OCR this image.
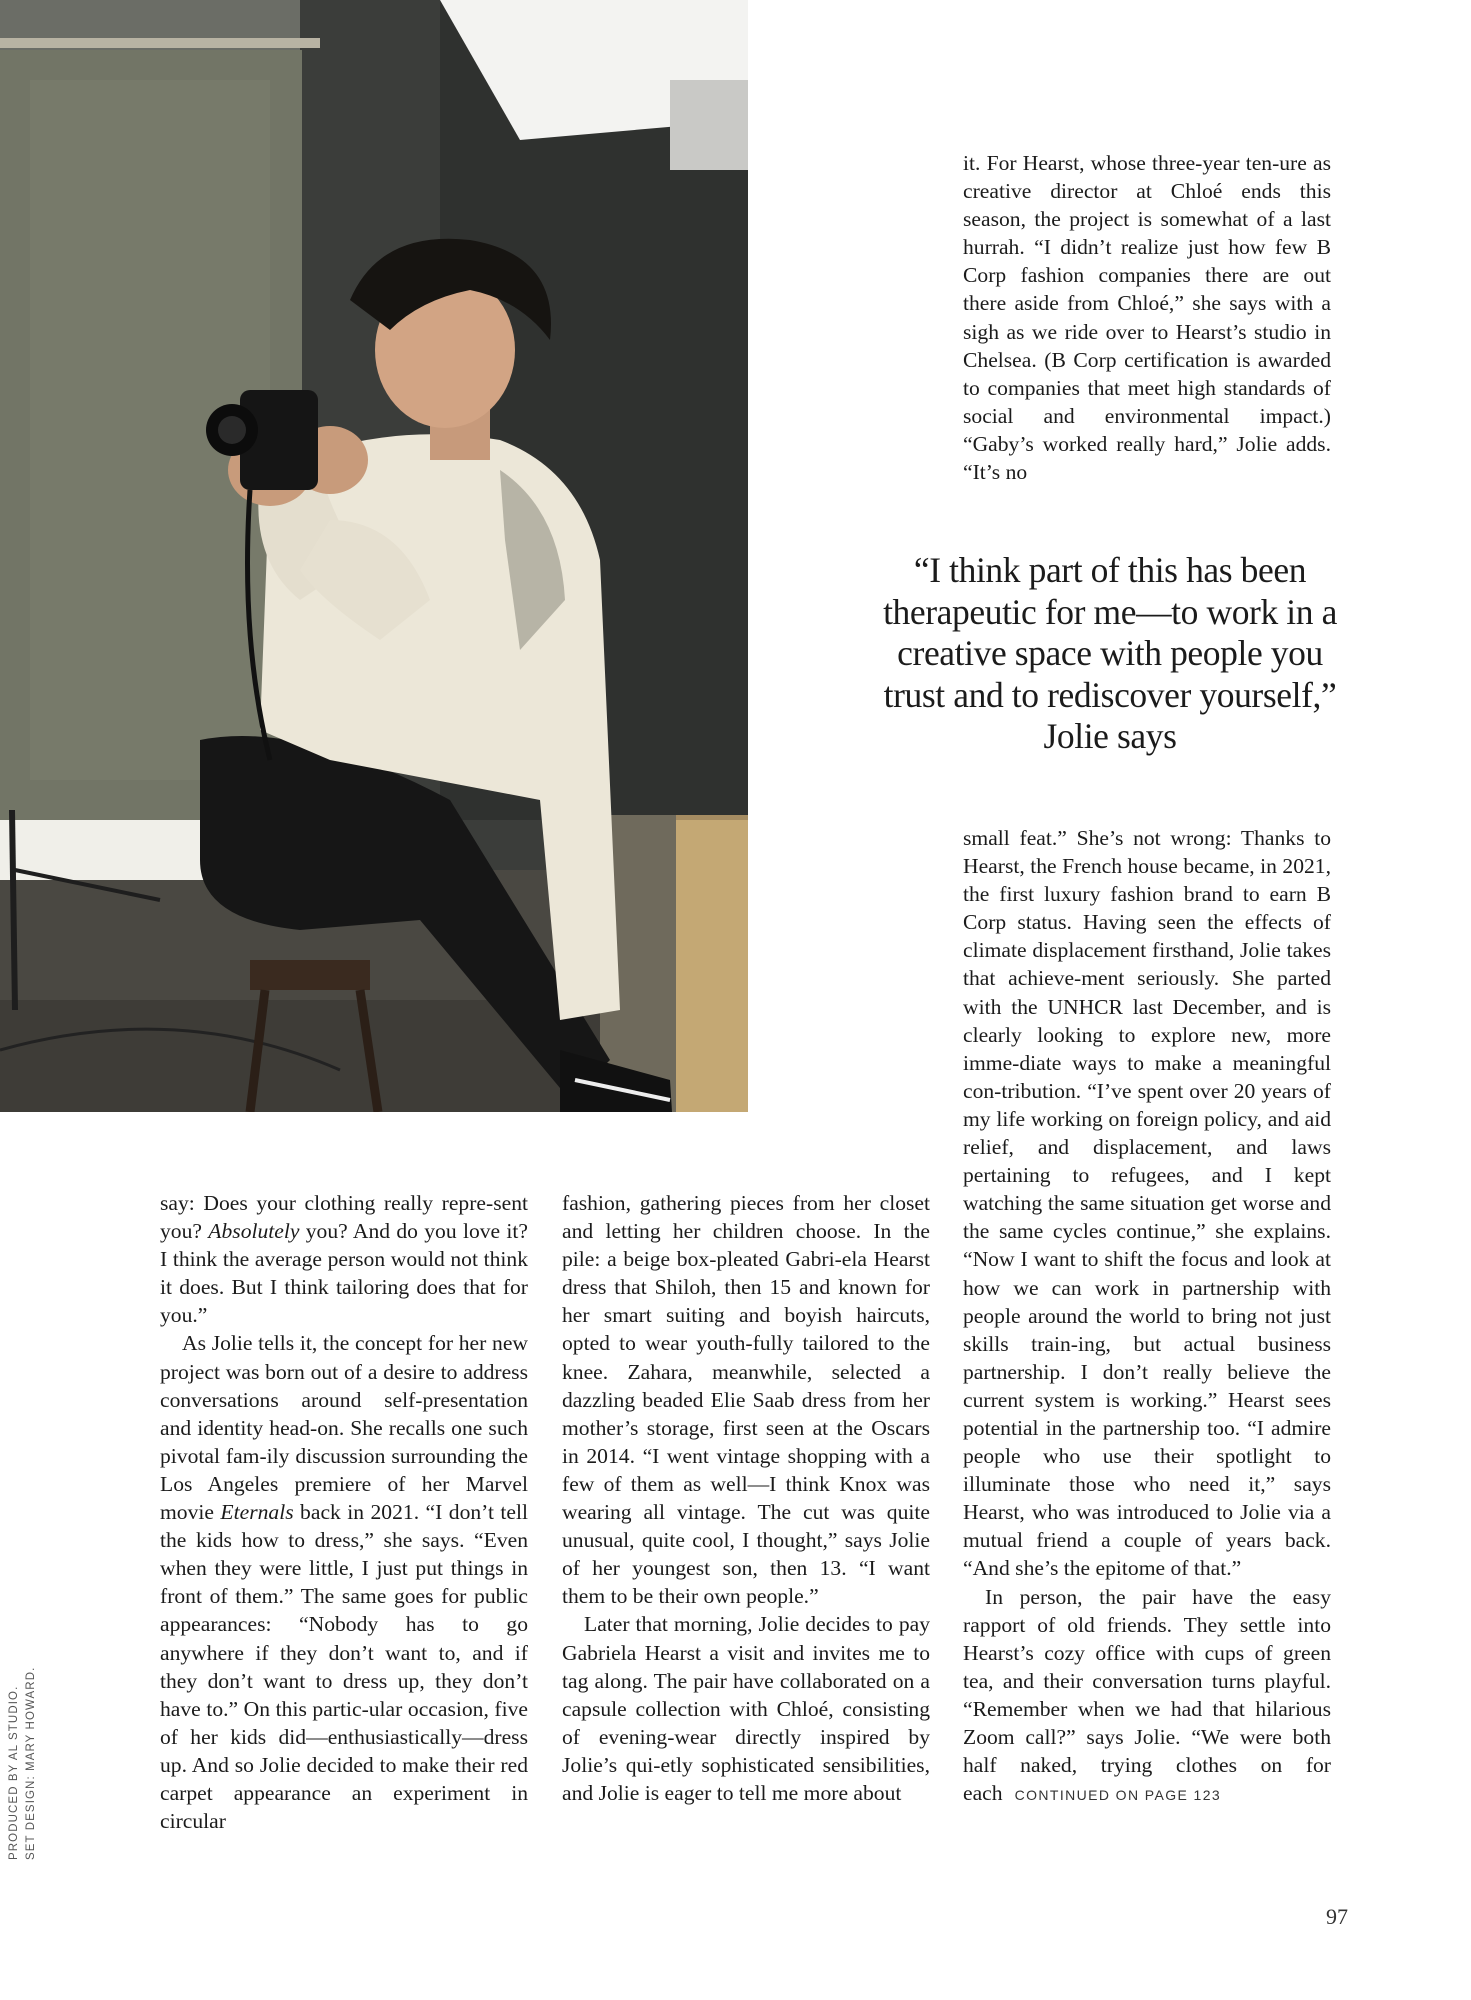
it. For Hearst, whose three-year ten-ure as creative director at Chloé ends this season, the project is somewhat of a last hurrah. “I didn’t realize just how few B Corp fashion companies there are out there aside from Chloé,” she says with a sigh as we ride over to Hearst’s studio in Chelsea. (B Corp certification is awarded to companies that meet high standards of social and environmental impact.) “Gaby’s worked really hard,” Jolie adds. “It’s no

“I think part of this has been therapeutic for me—to work in a creative space with people you trust and to rediscover yourself,” Jolie says

say: Does your clothing really repre-sent you? Absolutely you? And do you love it? I think the average person would not think it does. But I think tailoring does that for you.”

As Jolie tells it, the concept for her new project was born out of a desire to address conversations around self-presentation and identity head-on. She recalls one such pivotal fam-ily discussion surrounding the Los Angeles premiere of her Marvel movie Eternals back in 2021. “I don’t tell the kids how to dress,” she says. “Even when they were little, I just put things in front of them.” The same goes for public appearances: “Nobody has to go anywhere if they don’t want to, and if they don’t want to dress up, they don’t have to.” On this partic-ular occasion, five of her kids did—enthusiastically—dress up. And so Jolie decided to make their red carpet appearance an experiment in circular

fashion, gathering pieces from her closet and letting her children choose. In the pile: a beige box-pleated Gabri-ela Hearst dress that Shiloh, then 15 and known for her smart suiting and boyish haircuts, opted to wear youth-fully tailored to the knee. Zahara, meanwhile, selected a dazzling beaded Elie Saab dress from her mother’s storage, first seen at the Oscars in 2014. “I went vintage shopping with a few of them as well—I think Knox was wearing all vintage. The cut was quite unusual, quite cool, I thought,” says Jolie of her youngest son, then 13. “I want them to be their own people.”

Later that morning, Jolie decides to pay Gabriela Hearst a visit and invites me to tag along. The pair have collaborated on a capsule collection with Chloé, consisting of evening-wear directly inspired by Jolie’s qui-etly sophisticated sensibilities, and Jolie is eager to tell me more about

small feat.” She’s not wrong: Thanks to Hearst, the French house became, in 2021, the first luxury fashion brand to earn B Corp status. Having seen the effects of climate displacement firsthand, Jolie takes that achieve-ment seriously. She parted with the UNHCR last December, and is clearly looking to explore new, more imme-diate ways to make a meaningful con-tribution. “I’ve spent over 20 years of my life working on foreign policy, and aid relief, and displacement, and laws pertaining to refugees, and I kept watching the same situation get worse and the same cycles continue,” she explains. “Now I want to shift the focus and look at how we can work in partnership with people around the world to bring not just skills train-ing, but actual business partnership. I don’t really believe the current system is working.” Hearst sees potential in the partnership too. “I admire people who use their spotlight to illuminate those who need it,” says Hearst, who was introduced to Jolie via a mutual friend a couple of years back. “And she’s the epitome of that.”

In person, the pair have the easy rapport of old friends. They settle into Hearst’s cozy office with cups of green tea, and their conversation turns playful. “Remember when we had that hilarious Zoom call?” says Jolie. “We were both half naked, trying clothes on for each CONTINUED ON PAGE 123

PRODUCED BY AL STUDIO. SET DESIGN: MARY HOWARD.
97
